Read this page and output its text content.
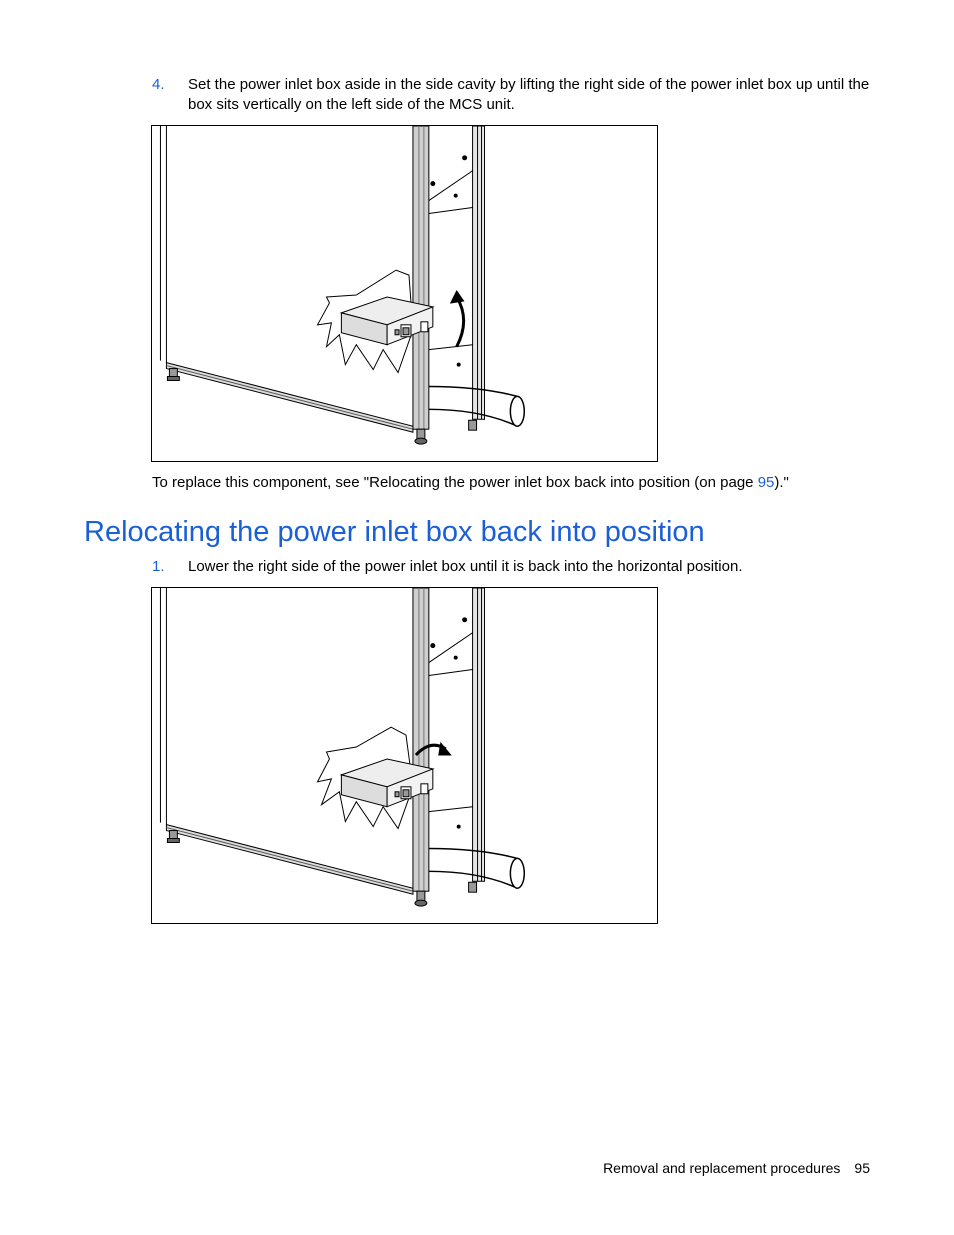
4. Set the power inlet box aside in the side cavity by lifting the right side of the power inlet box up until the box sits vertically on the left side of the MCS unit.
To replace this component, see "Relocating the power inlet box back into position (on page 95)."
Relocating the power inlet box back into position
1. Lower the right side of the power inlet box until it is back into the horizontal position.
Removal and replacement procedures 95
